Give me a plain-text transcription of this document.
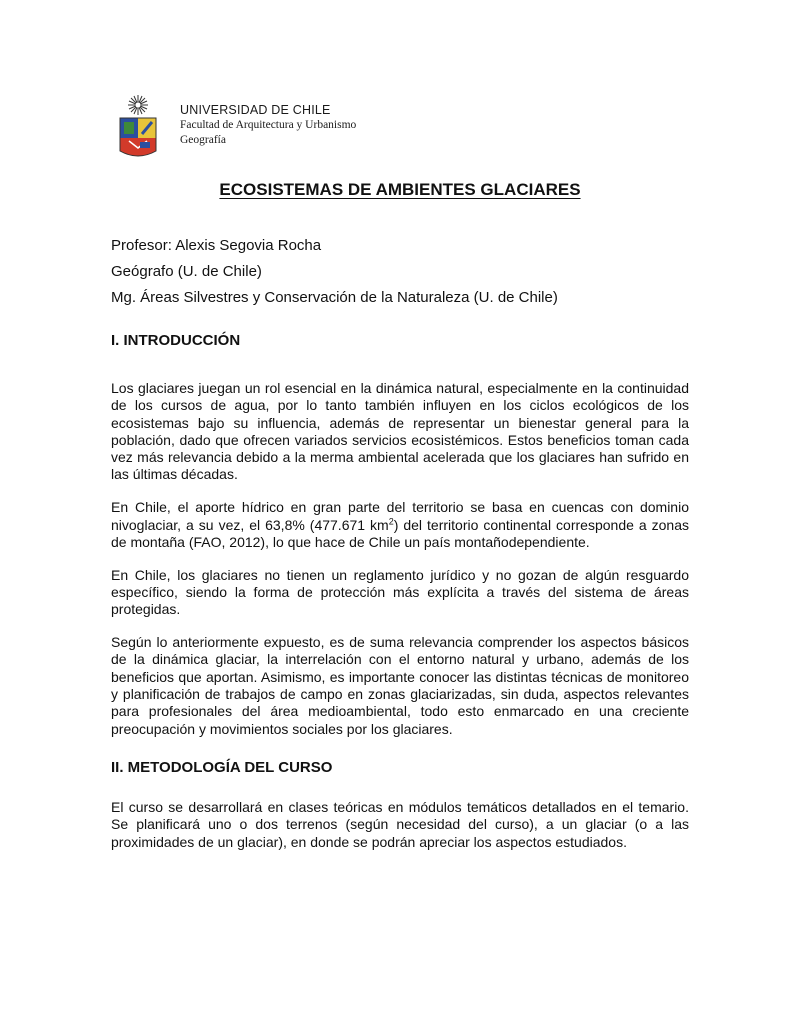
UNIVERSIDAD DE CHILE
Facultad de Arquitectura y Urbanismo
Geografía
ECOSISTEMAS DE AMBIENTES GLACIARES

Profesor: Alexis Segovia Rocha

Geógrafo (U. de Chile)

Mg. Áreas Silvestres y Conservación de la Naturaleza (U. de Chile)

I. INTRODUCCIÓN

Los glaciares juegan un rol esencial en la dinámica natural, especialmente en la continuidad de los cursos de agua, por lo tanto también influyen en los ciclos ecológicos de los ecosistemas bajo su influencia, además de representar un bienestar general para la población, dado que ofrecen variados servicios ecosistémicos. Estos beneficios toman cada vez más relevancia debido a la merma ambiental acelerada que los glaciares han sufrido en las últimas décadas.

En Chile, el aporte hídrico en gran parte del territorio se basa en cuencas con dominio nivoglaciar, a su vez, el 63,8% (477.671 $km^2$) del territorio continental corresponde a zonas de montaña (FAO, 2012), lo que hace de Chile un país montañodependiente.

En Chile, los glaciares no tienen un reglamento jurídico y no gozan de algún resguardo específico, siendo la forma de protección más explícita a través del sistema de áreas protegidas.

Según lo anteriormente expuesto, es de suma relevancia comprender los aspectos básicos de la dinámica glaciar, la interrelación con el entorno natural y urbano, además de los beneficios que aportan. Asimismo, es importante conocer las distintas técnicas de monitoreo y planificación de trabajos de campo en zonas glaciarizadas, sin duda, aspectos relevantes para profesionales del área medioambiental, todo esto enmarcado en una creciente preocupación y movimientos sociales por los glaciares.

II. METODOLOGÍA DEL CURSO

El curso se desarrollará en clases teóricas en módulos temáticos detallados en el temario. Se planificará uno o dos terrenos (según necesidad del curso), a un glaciar (o a las proximidades de un glaciar), en donde se podrán apreciar los aspectos estudiados.
